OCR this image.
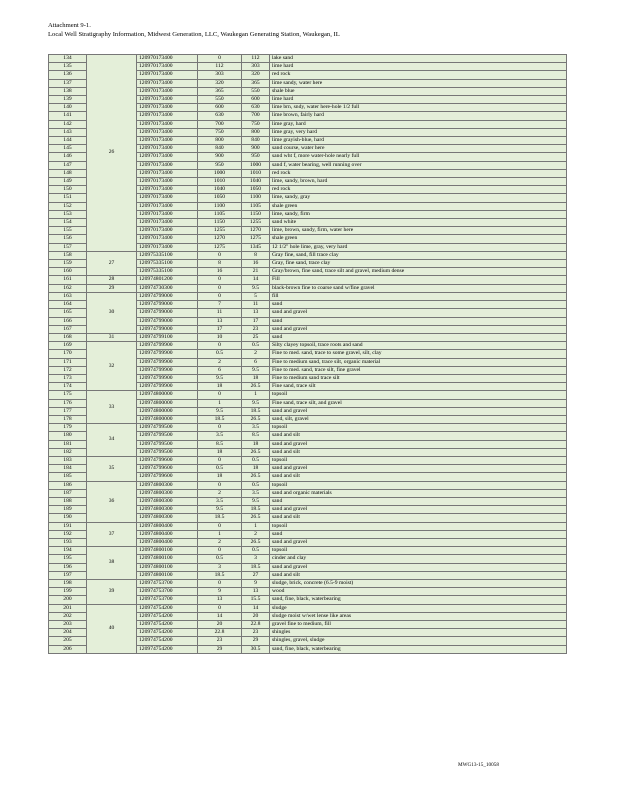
Attachment 9-1.
Local Well Stratigraphy Information, Midwest Generation, LLC, Waukegan Generating Station, Waukegan, IL
134	26	120970173400	0	112	lake sand
135		120970173400	112	303	lime hard
136		120970173400	303	320	red rock
137		120970173400	320	365	lime sandy, water here
138		120970173400	365	550	shale blue
139		120970173400	550	600	lime hard
140		120970173400	600	630	lime brn, sndy, water here-hole 1/2 full
141		120970173400	630	700	lime brown, fairly hard
142		120970173400	700	750	lime gray, hard
143		120970173400	750	800	lime gray, very hard
144		120970173400	800	840	lime grayish-blue, hard
145		120970173400	840	900	sand course, water here
146		120970173400	900	950	sand wht f, more water-hole nearly full
147		120970173400	950	1000	sand f, water bearing, well running over
148		120970173400	1000	1010	red rock
149		120970173400	1010	1040	lime, sandy, brown, hard
150		120970173400	1040	1050	red rock
151		120970173400	1050	1100	lime, sandy, gray
152		120970173400	1100	1105	shale green
153		120970173400	1105	1150	lime, sandy, firm
154		120970173400	1150	1255	sand white
155		120970173400	1255	1270	lime, brown, sandy, firm, water here
156		120970173400	1270	1275	shale green
157		120970173400	1275	1345	12 1/2" hole lime, gray, very hard
158	27	120975335100	0	8	Gray fine, sand, fill trace clay
159		120975335100	8	16	Gray, fine sand, trace clay
160		120975335100	16	21	Gray/brown, fine sand, trace silt and gravel, medium dense
161	28	120974801200	0	14	Fill
162	29	120974730300	0	9.5	black-brown fine to coarse sand w/fine gravel
163	30	120974799000	0	5	fill
164		120974799000	7	11	sand
165		120974799000	11	13	sand and gravel
166		120974799000	13	17	sand
167		120974799000	17	23	sand and gravel
168	31	120974799100	10	25	sand
169	32	120974799900	0	0.5	Silty clayey topsoil, trace roots and sand
170		120974799900	0.5	2	Fine to med. sand, trace to some gravel, silt, clay
171		120974799900	2	6	Fine to medium sand, trace silt, organic material
172		120974799900	6	9.5	Fine to med. sand, trace silt, fine gravel
173		120974799900	9.5	18	Fine to medium sand trace silt
174		120974799900	18	26.5	Fine sand, trace silt
175	33	120974800000	0	1	topsoil
176		120974800000	1	9.5	Fine sand, trace silt, and gravel
177		120974800000	9.5	18.5	sand and gravel
178		120974800000	18.5	26.5	sand, silt, gravel
179	34	120974799500	0	3.5	topsoil
180		120974799500	3.5	8.5	sand and silt
181		120974799500	8.5	18	sand and gravel
182		120974799500	18	26.5	sand and silt
183	35	120974799600	0	0.5	topsoil
184		120974799600	0.5	18	sand and gravel
185		120974799600	18	26.5	sand and silt
186	36	120974800300	0	0.5	topsoil
187		120974800300	2	3.5	sand and organic materials
188		120974800300	3.5	9.5	sand
189		120974800300	9.5	18.5	sand and gravel
190		120974800300	18.5	26.5	sand and silt
191	37	120974800400	0	1	topsoil
192		120974800400	1	2	sand
193		120974800400	2	26.5	sand and gravel
194	38	120974800100	0	0.5	topsoil
195		120974800100	0.5	3	cinder and clay
196		120974800100	3	18.5	sand and gravel
197		120974800100	18.5	27	sand and silt
198	39	120974753700	0	9	sludge, brick, concrete (6.5-9 moist)
199		120974753700	9	13	wood
200		120974753700	13	15.5	sand, fine, black, waterbearing
201	40	120974754200	0	14	sludge
202		120974754200	14	20	sludge moist w/wet lense like areas
203		120974754200	20	22.8	gravel fine to medium, fill
204		120974754200	22.8	23	shingles
205		120974754200	23	29	shingles, gravel, sludge
206		120974754200	29	30.5	sand, fine, black, waterbearing
MWG13-15_10058
